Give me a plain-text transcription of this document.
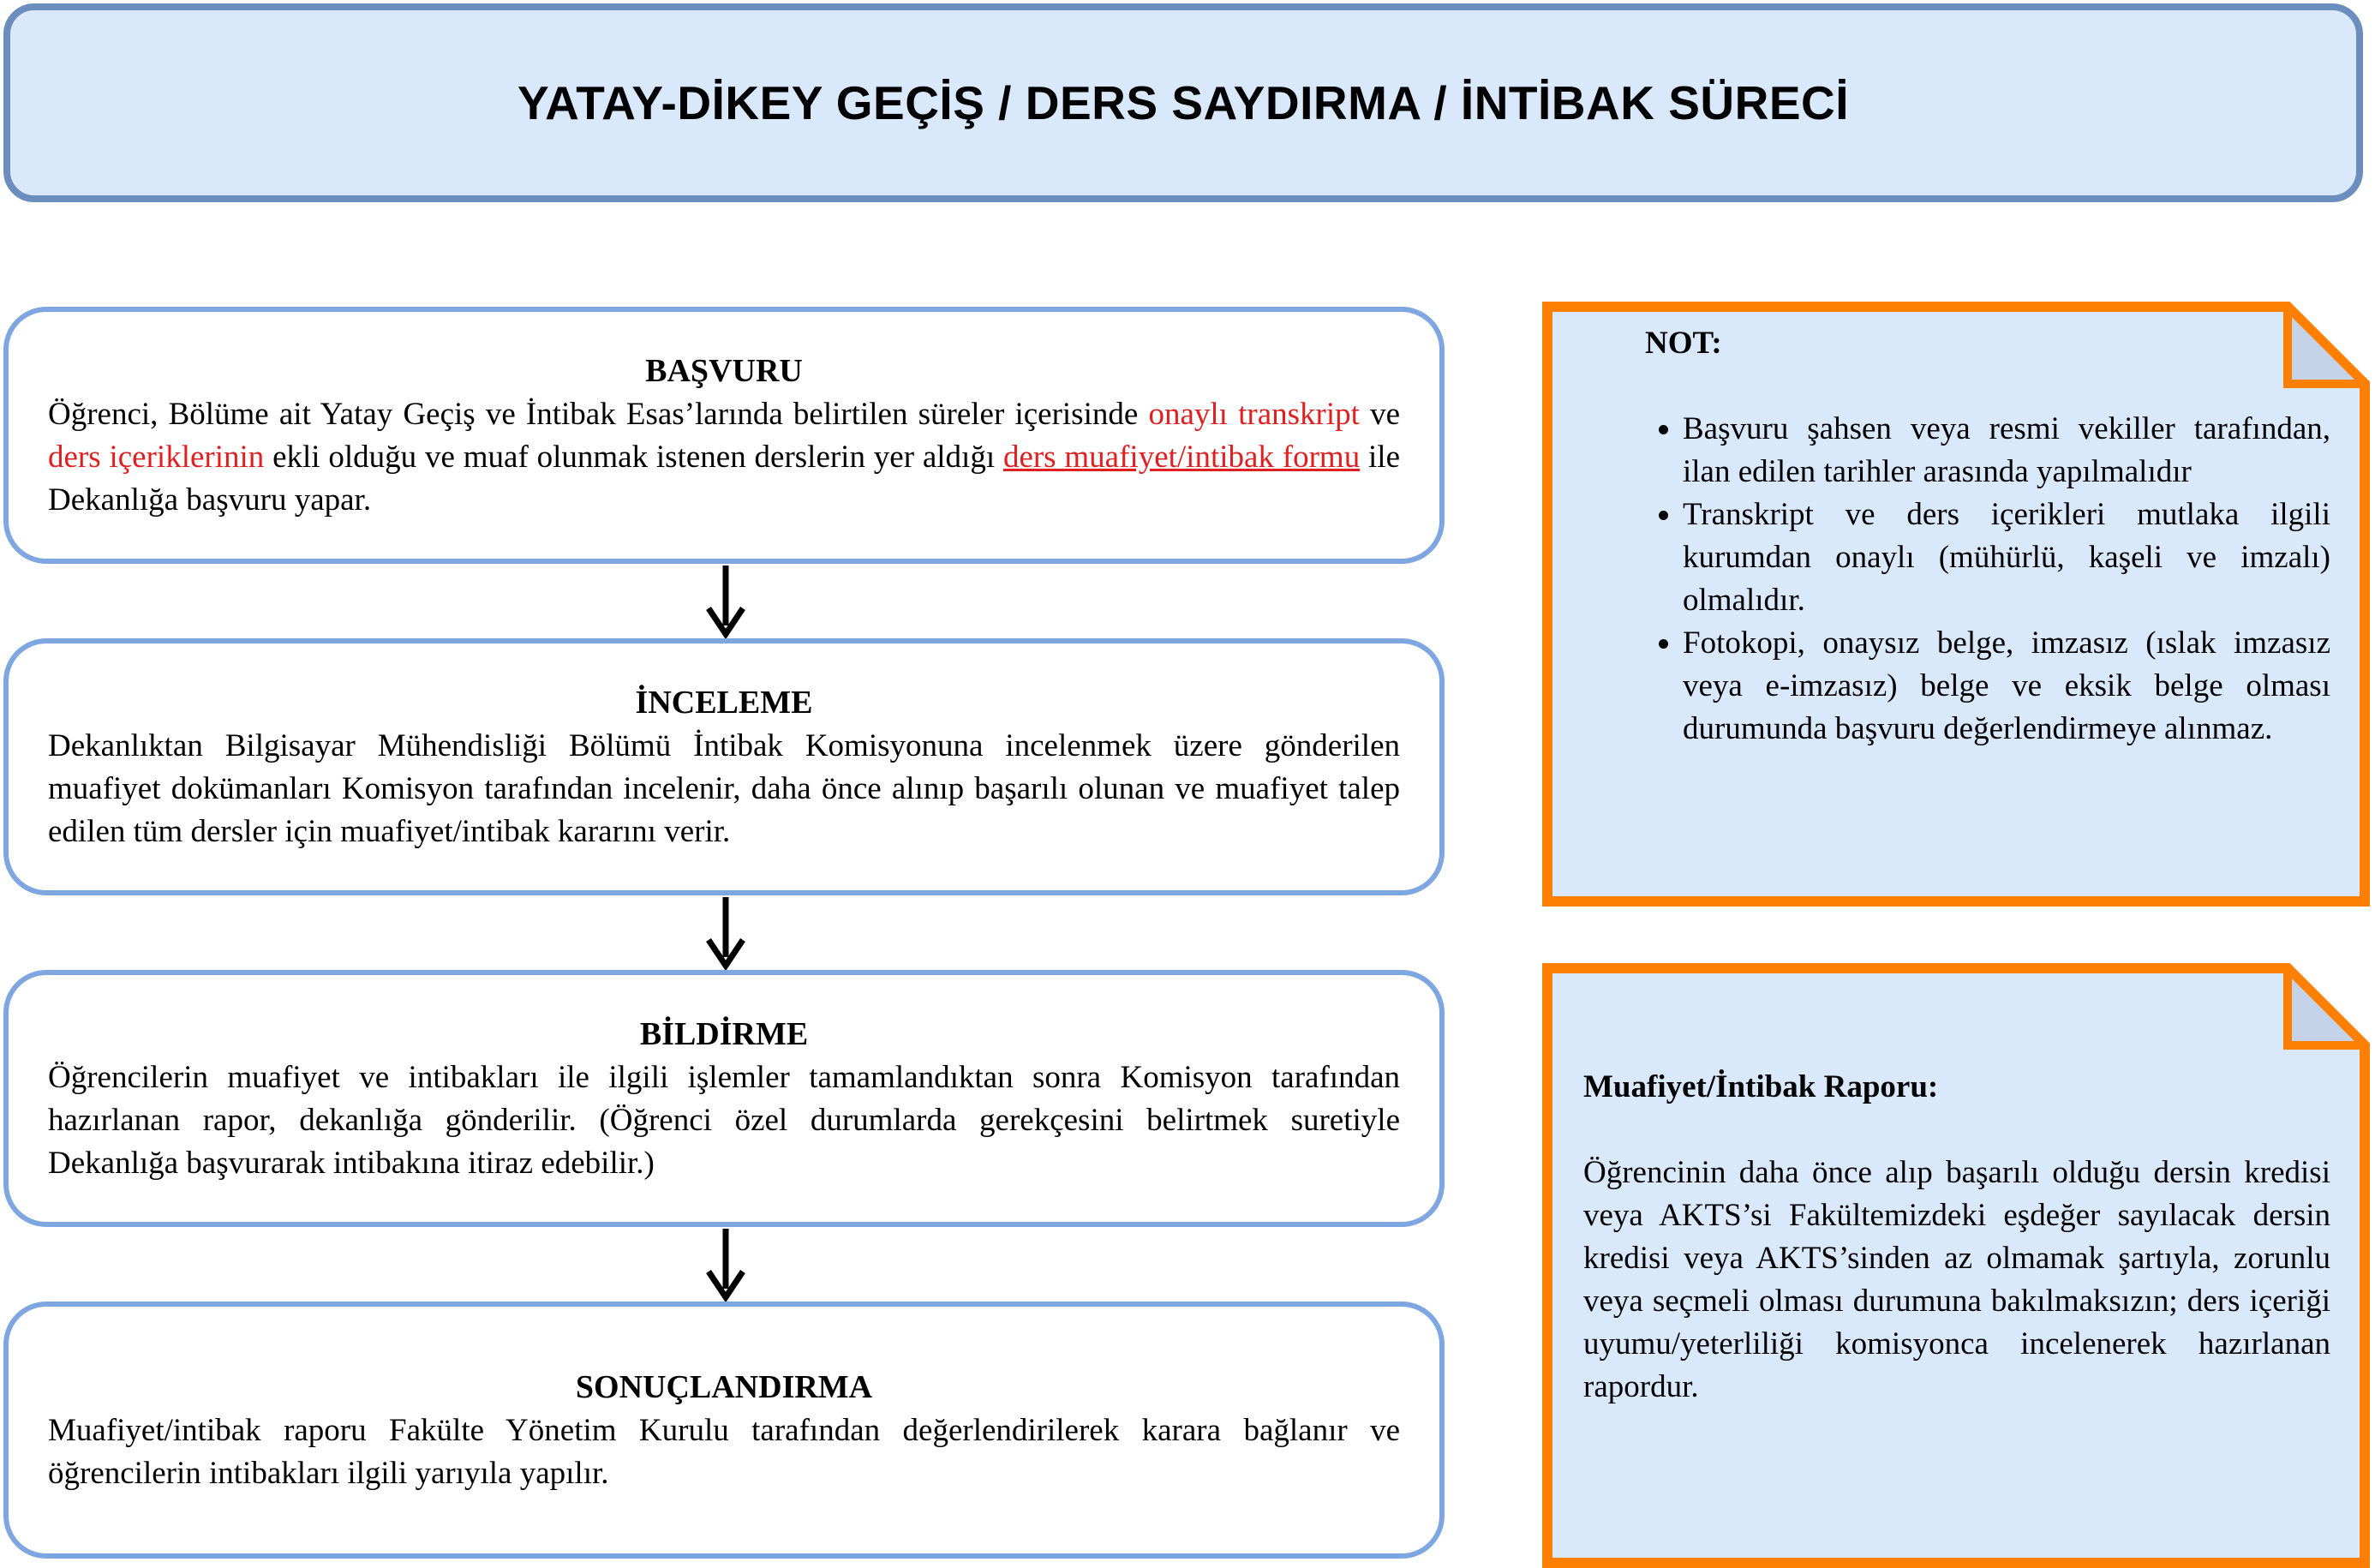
YATAY-DİKEY GEÇİŞ / DERS SAYDIRMA / İNTİBAK SÜRECİ
BAŞVURU
Öğrenci, Bölüme ait Yatay Geçiş ve İntibak Esas’larında belirtilen süreler içerisinde onaylı transkript ve ders içeriklerinin ekli olduğu ve muaf olunmak istenen derslerin yer aldığı ders muafiyet/intibak formu ile Dekanlığa başvuru yapar.
İNCELEME
Dekanlıktan Bilgisayar Mühendisliği Bölümü İntibak Komisyonuna incelenmek üzere gönderilen muafiyet dokümanları Komisyon tarafından incelenir, daha önce alınıp başarılı olunan ve muafiyet talep edilen tüm dersler için muafiyet/intibak kararını verir.
BİLDİRME
Öğrencilerin muafiyet ve intibakları ile ilgili işlemler tamamlandıktan sonra Komisyon tarafından hazırlanan rapor, dekanlığa gönderilir. (Öğrenci özel durumlarda gerekçesini belirtmek suretiyle Dekanlığa başvurarak intibakına itiraz edebilir.)
SONUÇLANDIRMA
Muafiyet/intibak raporu Fakülte Yönetim Kurulu tarafından değerlendirilerek karara bağlanır ve öğrencilerin intibakları ilgili yarıyıla yapılır.
NOT:
• Başvuru şahsen veya resmi vekiller tarafından, ilan edilen tarihler arasında yapılmalıdır
• Transkript ve ders içerikleri mutlaka ilgili kurumdan onaylı (mühürlü, kaşeli ve imzalı) olmalıdır.
• Fotokopi, onaysız belge, imzasız (ıslak imzasız veya e-imzasız) belge ve eksik belge olması durumunda başvuru değerlendirmeye alınmaz.
Muafiyet/İntibak Raporu:
Öğrencinin daha önce alıp başarılı olduğu dersin kredisi veya AKTS’si Fakültemizdeki eşdeğer sayılacak dersin kredisi veya AKTS’sinden az olmamak şartıyla, zorunlu veya seçmeli olması durumuna bakılmaksızın; ders içeriği uyumu/yeterliliği komisyonca incelenerek hazırlanan rapordur.
